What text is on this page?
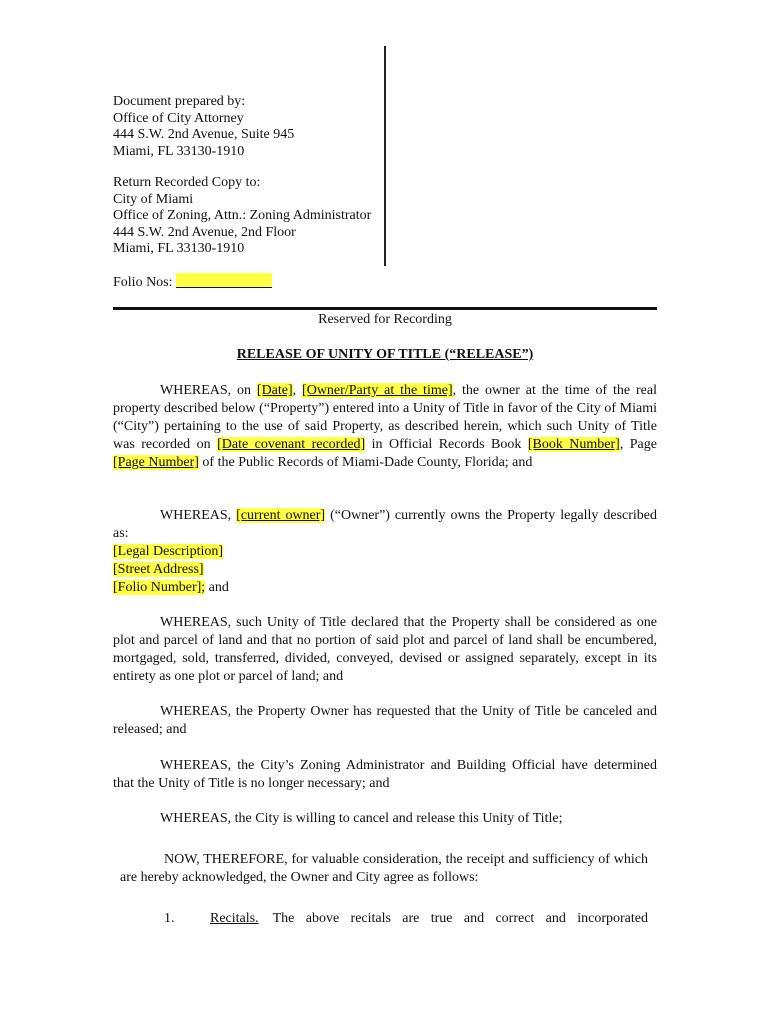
Document prepared by:
Office of City Attorney
444 S.W. 2nd Avenue, Suite 945
Miami, FL 33130-1910
Return Recorded Copy to:
City of Miami
Office of Zoning, Attn.: Zoning Administrator
444 S.W. 2nd Avenue, 2nd Floor
Miami, FL 33130-1910
Folio Nos:
Reserved for Recording
RELEASE OF UNITY OF TITLE (“RELEASE”)

WHEREAS, on [Date], [Owner/Party at the time], the owner at the time of the real property described below (“Property”) entered into a Unity of Title in favor of the City of Miami (“City”) pertaining to the use of said Property, as described herein, which such Unity of Title was recorded on [Date covenant recorded] in Official Records Book [Book Number], Page [Page Number] of the Public Records of Miami-Dade County, Florida; and

WHEREAS, [current owner] (“Owner”) currently owns the Property legally described as:

[Legal Description]
[Street Address]
[Folio Number]; and

WHEREAS, such Unity of Title declared that the Property shall be considered as one plot and parcel of land and that no portion of said plot and parcel of land shall be encumbered, mortgaged, sold, transferred, divided, conveyed, devised or assigned separately, except in its entirety as one plot or parcel of land; and

WHEREAS, the Property Owner has requested that the Unity of Title be canceled and released; and

WHEREAS, the City’s Zoning Administrator and Building Official have determined that the Unity of Title is no longer necessary; and

WHEREAS, the City is willing to cancel and release this Unity of Title;

NOW, THEREFORE, for valuable consideration, the receipt and sufficiency of which are hereby acknowledged, the Owner and City agree as follows:
1.	Recitals. The above recitals are true and correct and incorporated
